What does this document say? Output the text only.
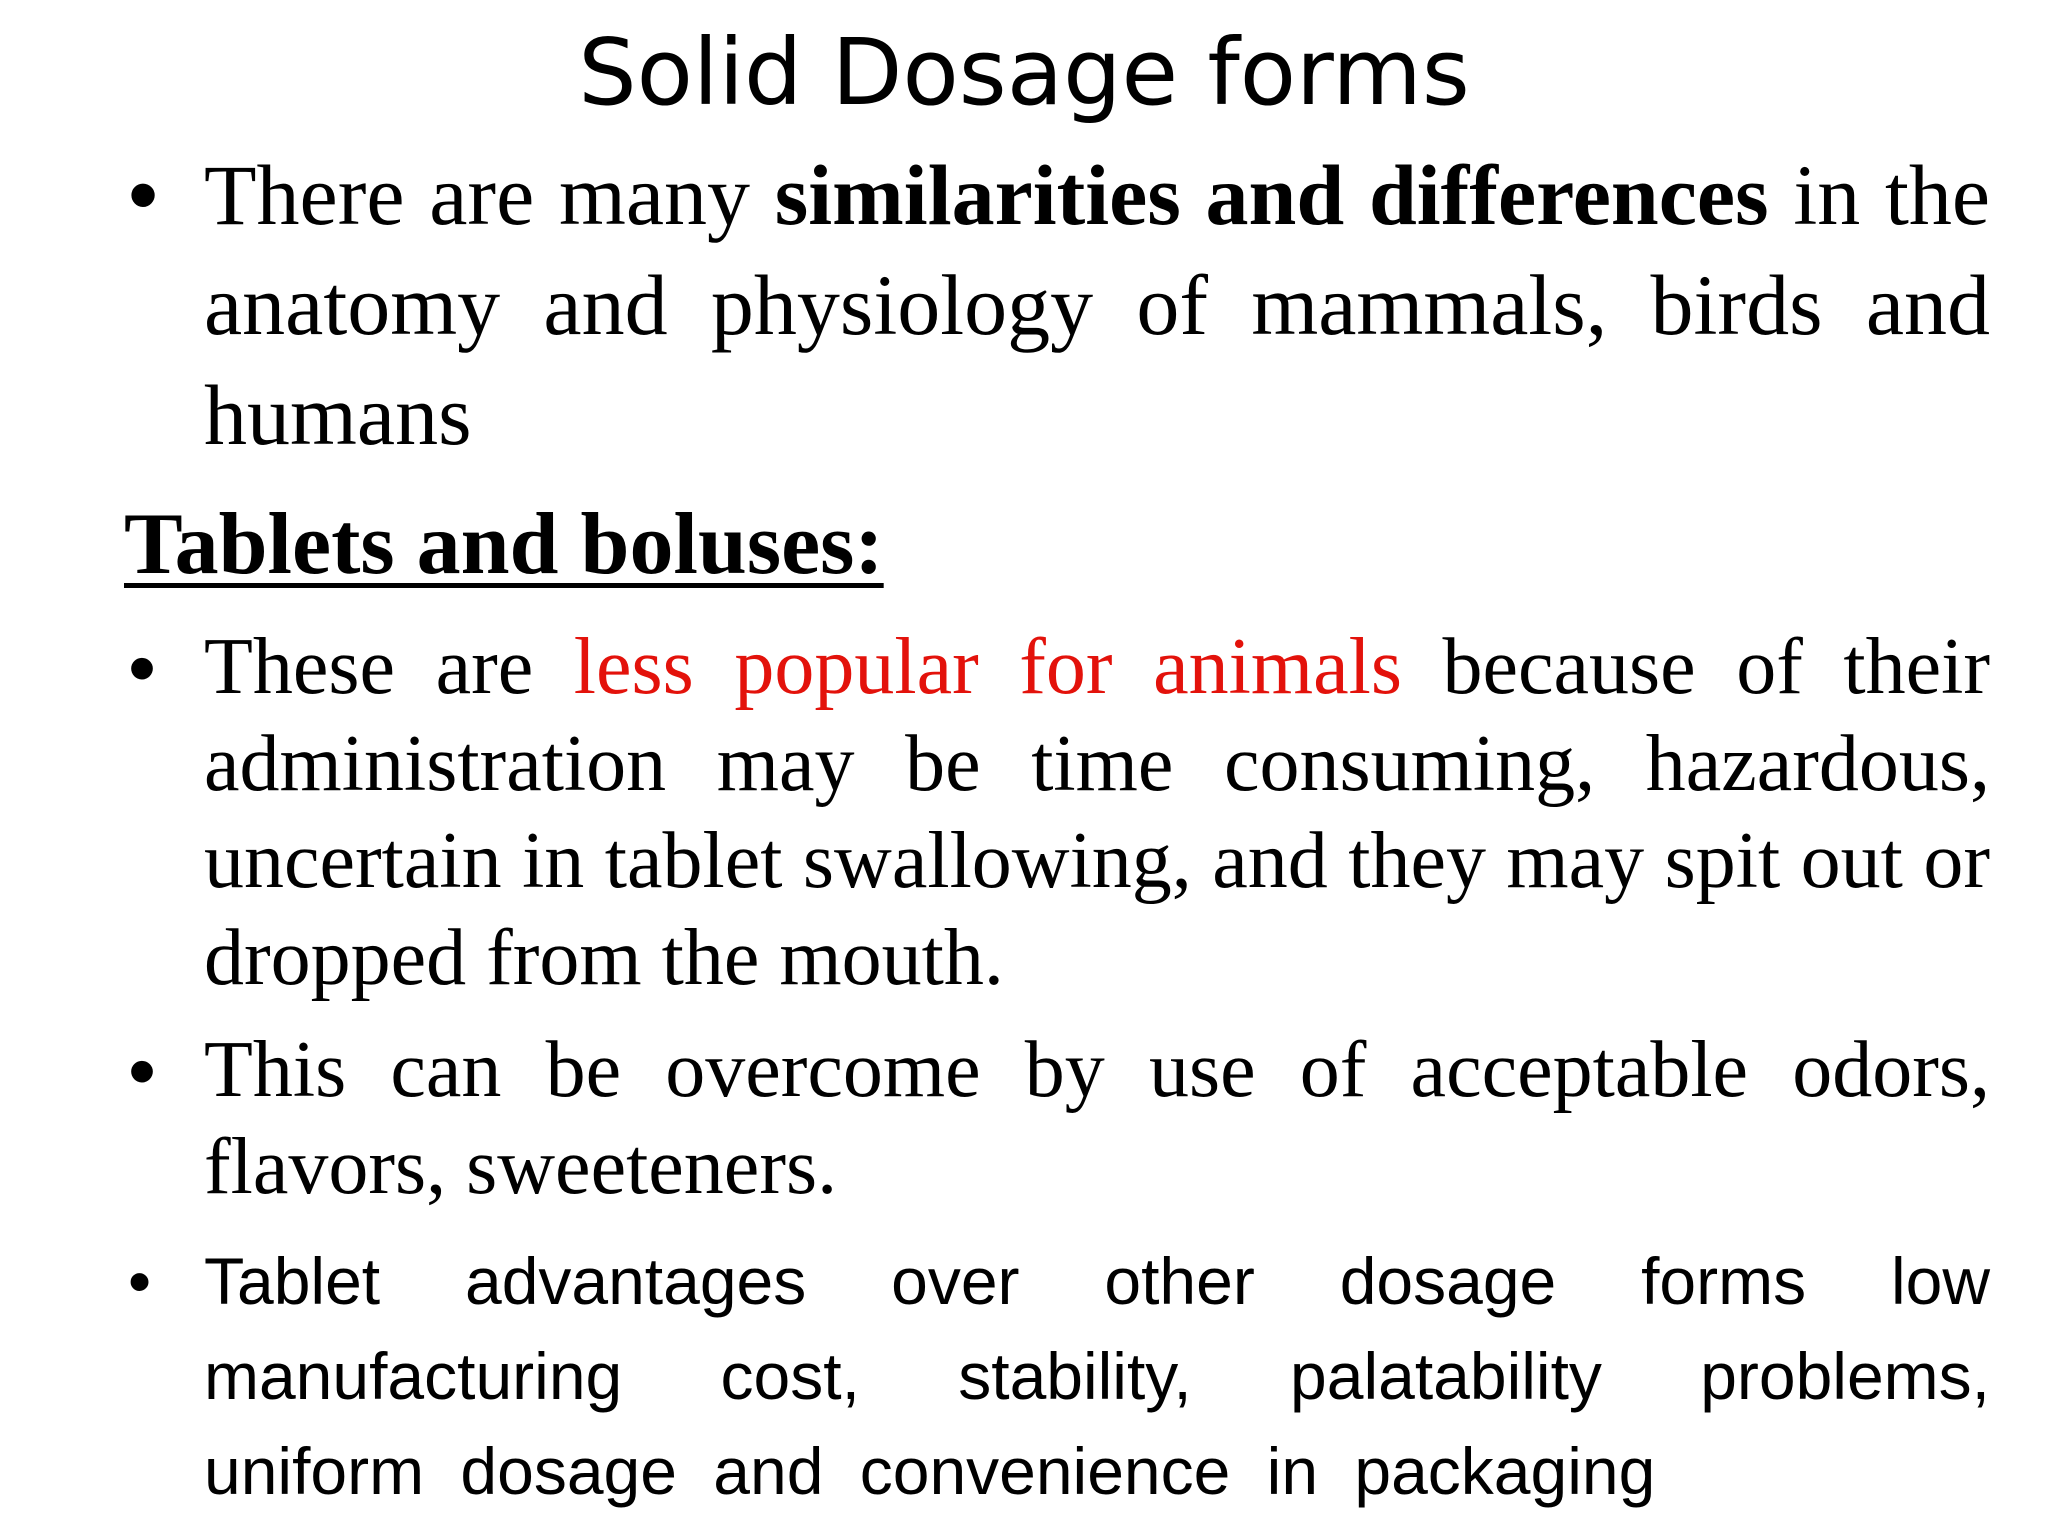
Solid Dosage forms
• There are many similarities and differences in the anatomy and physiology of mammals, birds and humans
Tablets and boluses:
• These are less popular for animals because of their administration may be time consuming, hazardous, uncertain in tablet swallowing, and they may spit out or dropped from the mouth.
• This can be overcome by use of acceptable odors, flavors, sweeteners.
• Tablet advantages over other dosage forms low manufacturing cost, stability, palatability problems, uniform dosage and convenience in packaging
